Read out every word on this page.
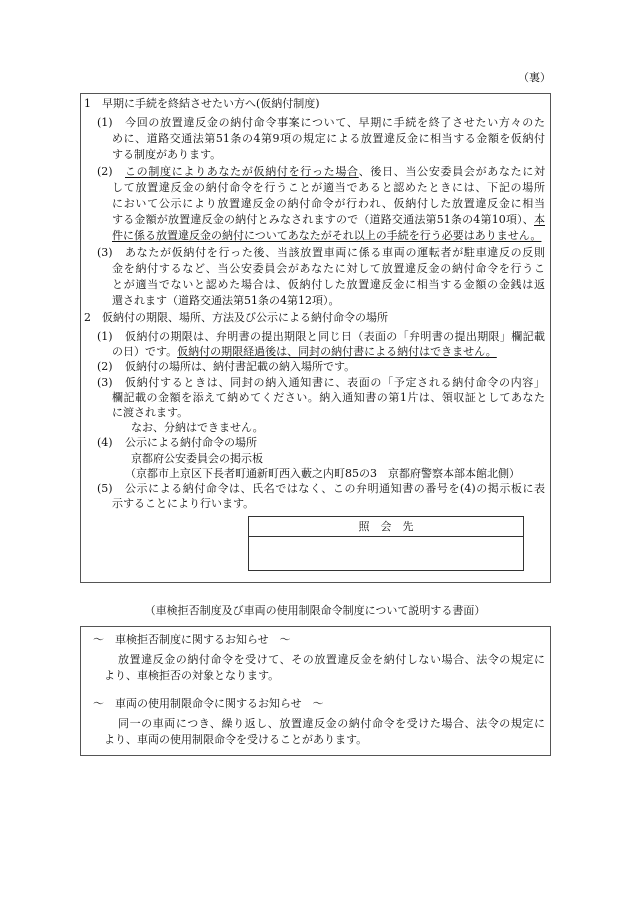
（裏）
1　早期に手続を終結させたい方へ(仮納付制度)
(1) 今回の放置違反金の納付命令事案について、早期に手続を終了させたい方々のた
めに、道路交通法第51条の4第9項の規定による放置違反金に相当する金額を仮納付
する制度があります。
(2) この制度によりあなたが仮納付を行った場合、後日、当公安委員会があなたに対
して放置違反金の納付命令を行うことが適当であると認めたときには、下記の場所
において公示により放置違反金の納付命令が行われ、仮納付した放置違反金に相当
する金額が放置違反金の納付とみなされますので（道路交通法第51条の4第10項）、本
件に係る放置違反金の納付についてあなたがそれ以上の手続を行う必要はありません。
(3) あなたが仮納付を行った後、当該放置車両に係る車両の運転者が駐車違反の反則
金を納付するなど、当公安委員会があなたに対して放置違反金の納付命令を行うこ
とが適当でないと認めた場合は、仮納付した放置違反金に相当する金額の金銭は返
還されます（道路交通法第51条の4第12項）。
2　仮納付の期限、場所、方法及び公示による納付命令の場所
(1) 仮納付の期限は、弁明書の提出期限と同じ日（表面の「弁明書の提出期限」欄記載
の日）です。仮納付の期限経過後は、同封の納付書による納付はできません。
(2) 仮納付の場所は、納付書記載の納入場所です。
(3) 仮納付するときは、同封の納入通知書に、表面の「予定される納付命令の内容」
欄記載の金額を添えて納めてください。納入通知書の第1片は、領収証としてあなた
に渡されます。
なお、分納はできません。
(4) 公示による納付命令の場所
京都府公安委員会の掲示板
（京都市上京区下長者町通新町西入藪之内町85の3　京都府警察本部本館北側）
(5) 公示による納付命令は、氏名ではなく、この弁明通知書の番号を(4)の掲示板に表
示することにより行います。
照　会　先

（車検拒否制度及び車両の使用制限命令制度について説明する書面）
～　車検拒否制度に関するお知らせ　～
放置違反金の納付命令を受けて、その放置違反金を納付しない場合、法令の規定に
より、車検拒否の対象となります。
～　車両の使用制限命令に関するお知らせ　～
同一の車両につき、繰り返し、放置違反金の納付命令を受けた場合、法令の規定に
より、車両の使用制限命令を受けることがあります。
